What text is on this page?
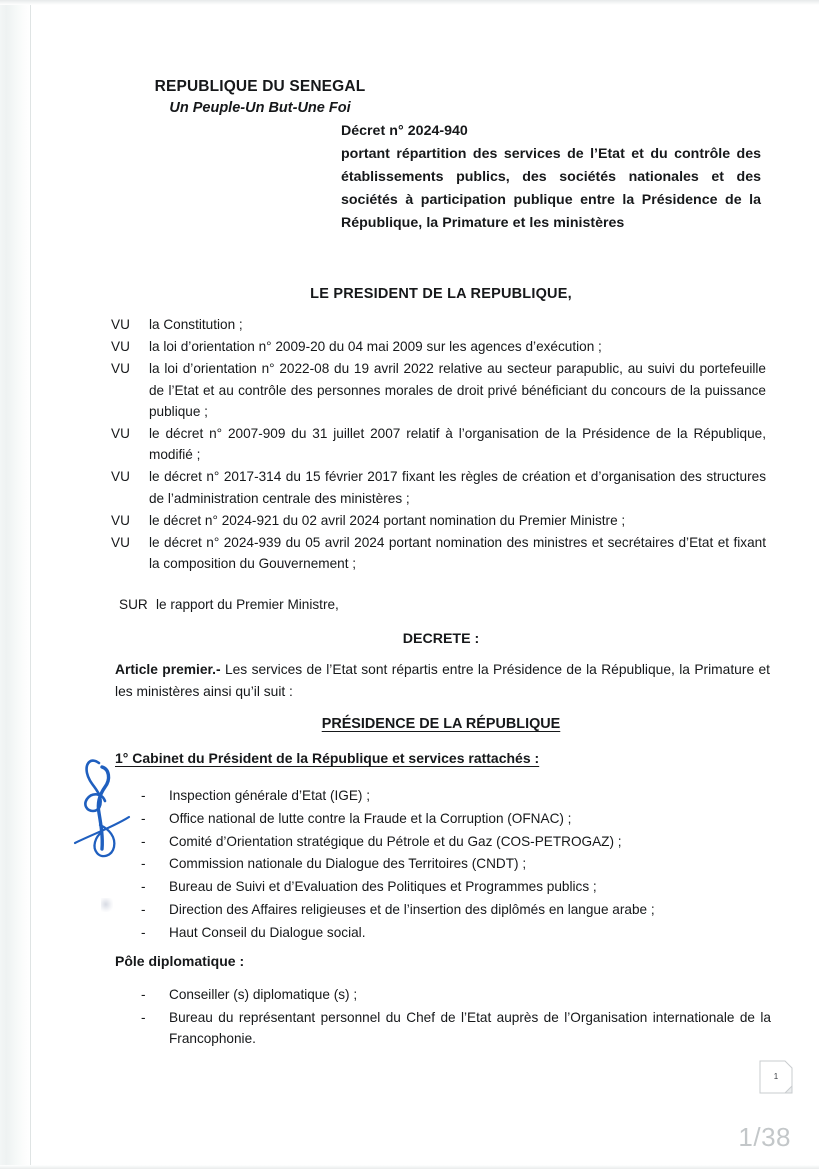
REPUBLIQUE DU SENEGAL
Un Peuple-Un But-Une Foi
Décret n° 2024-940
portant répartition des services de l’Etat et du contrôle des établissements publics, des sociétés nationales et des sociétés à participation publique entre la Présidence de la République, la Primature et les ministères
LE PRESIDENT DE LA REPUBLIQUE,
VU	la Constitution ;
VU	la loi d’orientation n° 2009-20 du 04 mai 2009 sur les agences d’exécution ;
VU	la loi d’orientation n° 2022-08 du 19 avril 2022 relative au secteur parapublic, au suivi du portefeuille de l’Etat et au contrôle des personnes morales de droit privé bénéficiant du concours de la puissance publique ;
VU	le décret n° 2007-909 du 31 juillet 2007 relatif à l’organisation de la Présidence de la République, modifié ;
VU	le décret n° 2017-314 du 15 février 2017 fixant les règles de création et d’organisation des structures de l’administration centrale des ministères ;
VU	le décret n° 2024-921 du 02 avril 2024 portant nomination du Premier Ministre ;
VU	le décret n° 2024-939 du 05 avril 2024 portant nomination des ministres et secrétaires d’Etat et fixant la composition du Gouvernement ;
SUR le rapport du Premier Ministre,
DECRETE :
Article premier.- Les services de l’Etat sont répartis entre la Présidence de la République, la Primature et les ministères ainsi qu’il suit :
PRÉSIDENCE DE LA RÉPUBLIQUE
1° Cabinet du Président de la République et services rattachés :
-	Inspection générale d’Etat (IGE) ;
-	Office national de lutte contre la Fraude et la Corruption (OFNAC) ;
-	Comité d’Orientation stratégique du Pétrole et du Gaz (COS-PETROGAZ) ;
-	Commission nationale du Dialogue des Territoires (CNDT) ;
-	Bureau de Suivi et d’Evaluation des Politiques et Programmes publics ;
-	Direction des Affaires religieuses et de l’insertion des diplômés en langue arabe ;
-	Haut Conseil du Dialogue social.
Pôle diplomatique :
-	Conseiller (s) diplomatique (s) ;
-	Bureau du représentant personnel du Chef de l’Etat auprès de l’Organisation internationale de la Francophonie.
1
1/38
